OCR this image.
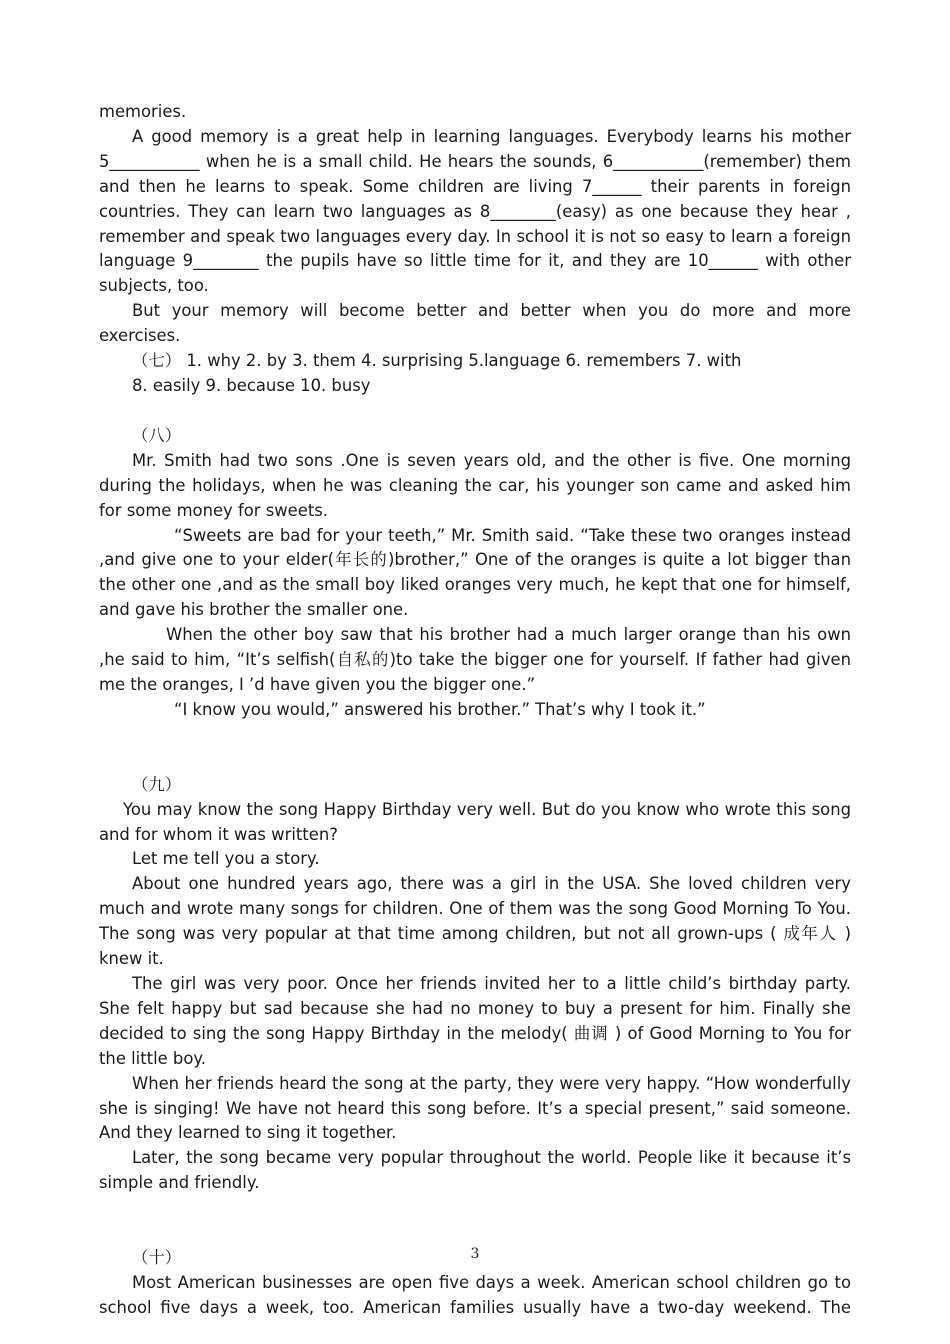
memories.

A good memory is a great help in learning languages. Everybody learns his mother 5___________ when he is a small child. He hears the sounds, 6___________(remember) them and then he learns to speak. Some children are living 7______ their parents in foreign countries. They can learn two languages as 8________(easy) as one because they hear , remember and speak two languages every day. In school it is not so easy to learn a foreign language 9________ the pupils have so little time for it, and they are 10______ with other subjects, too.

But your memory will become better and better when you do more and more exercises.

（七） 1. why 2. by 3. them 4. surprising 5.language 6. remembers 7. with

8. easily 9. because 10. busy

（八）

Mr. Smith had two sons .One is seven years old, and the other is five. One morning during the holidays, when he was cleaning the car, his younger son came and asked him for some money for sweets.

“Sweets are bad for your teeth,” Mr. Smith said. “Take these two oranges instead ,and give one to your elder(年长的)brother,” One of the oranges is quite a lot bigger than the other one ,and as the small boy liked oranges very much, he kept that one for himself, and gave his brother the smaller one.

When the other boy saw that his brother had a much larger orange than his own ,he said to him, “It’s selfish(自私的)to take the bigger one for yourself. If father had given me the oranges, I ’d have given you the bigger one.”

“I know you would,” answered his brother.” That’s why I took it.”

（九）

You may know the song Happy Birthday very well. But do you know who wrote this song and for whom it was written?

Let me tell you a story.

About one hundred years ago, there was a girl in the USA. She loved children very much and wrote many songs for children. One of them was the song Good Morning To You. The song was very popular at that time among children, but not all grown-ups ( 成年人 ) knew it.

The girl was very poor. Once her friends invited her to a little child’s birthday party. She felt happy but sad because she had no money to buy a present for him. Finally she decided to sing the song Happy Birthday in the melody( 曲调 ) of Good Morning to You for the little boy.

When her friends heard the song at the party, they were very happy. “How wonderfully she is singing! We have not heard this song before. It’s a special present,” said someone. And they learned to sing it together.

Later, the song became very popular throughout the world. People like it because it’s simple and friendly.

（十）

Most American businesses are open five days a week. American school children go to school five days a week, too. American families usually have a two-day weekend. The

3
